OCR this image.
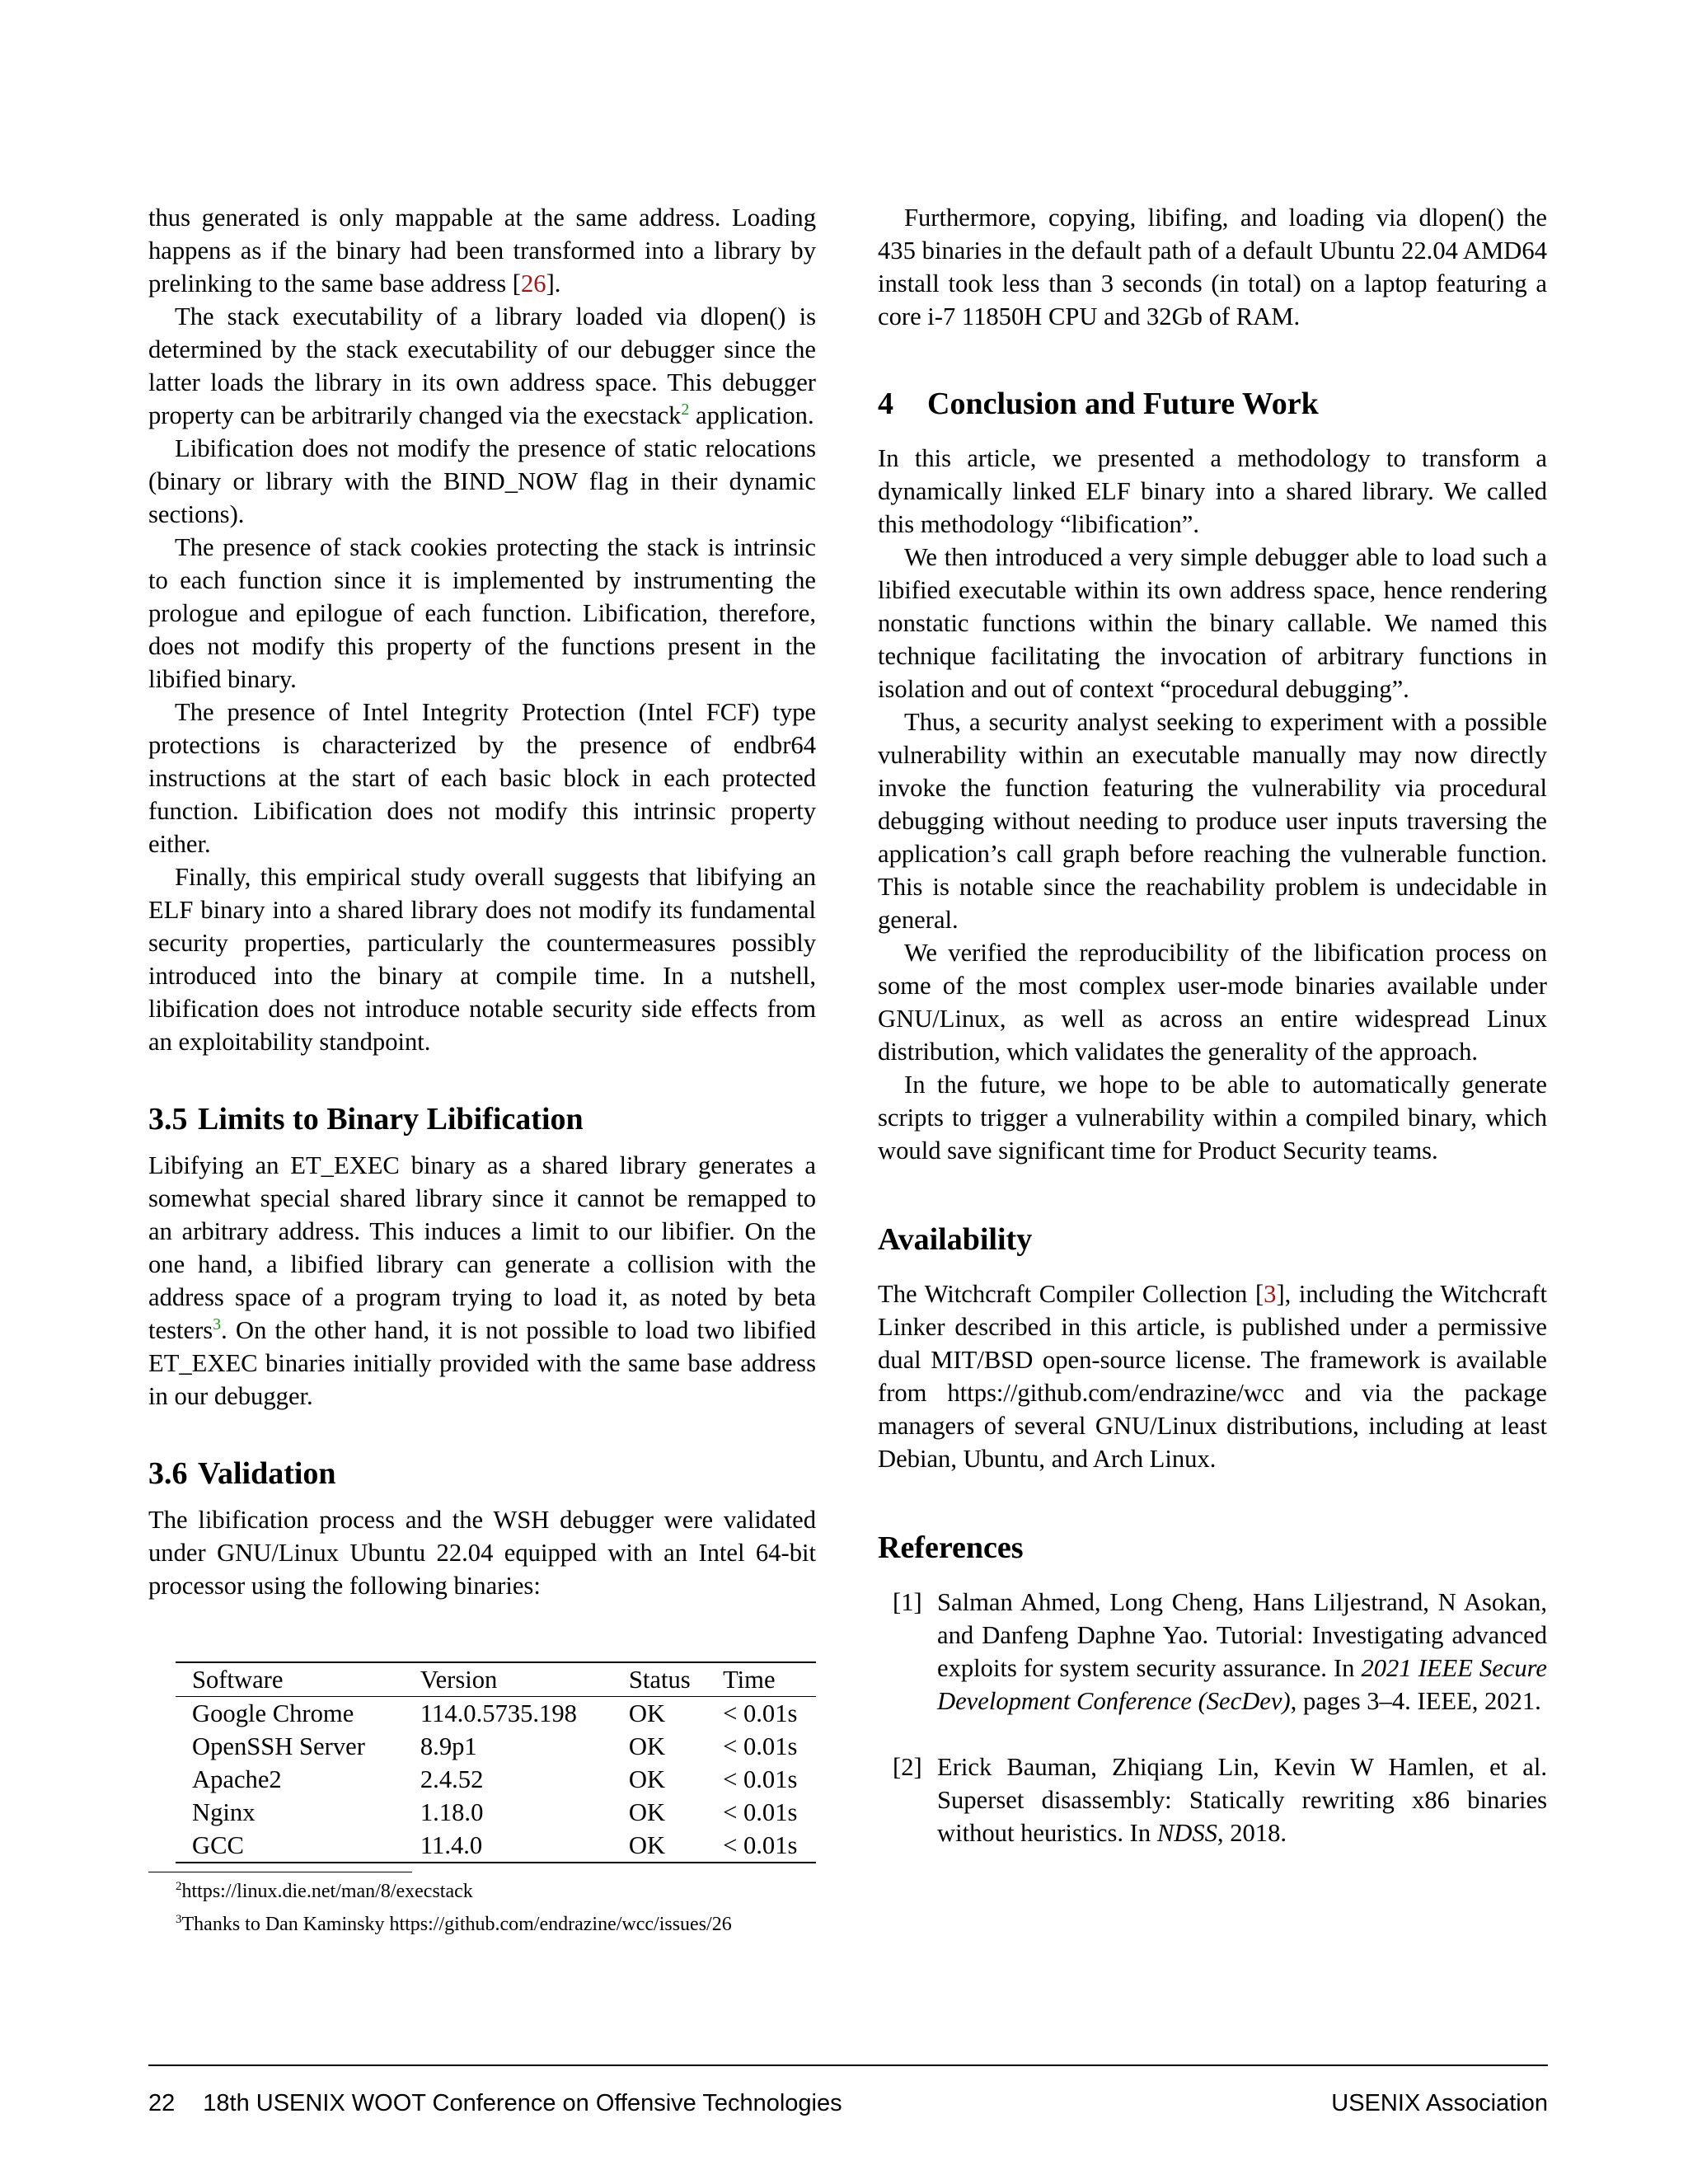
thus generated is only mappable at the same address. Loading happens as if the binary had been transformed into a library by prelinking to the same base address [26].

The stack executability of a library loaded via dlopen() is determined by the stack executability of our debugger since the latter loads the library in its own address space. This debugger property can be arbitrarily changed via the execstack$^2$ application.

Libification does not modify the presence of static relocations (binary or library with the BIND_NOW flag in their dynamic sections).

The presence of stack cookies protecting the stack is intrinsic to each function since it is implemented by instrumenting the prologue and epilogue of each function. Libification, therefore, does not modify this property of the functions present in the libified binary.

The presence of Intel Integrity Protection (Intel FCF) type protections is characterized by the presence of endbr64 instructions at the start of each basic block in each protected function. Libification does not modify this intrinsic property either.

Finally, this empirical study overall suggests that libifying an ELF binary into a shared library does not modify its fundamental security properties, particularly the countermeasures possibly introduced into the binary at compile time. In a nutshell, libification does not introduce notable security side effects from an exploitability standpoint.

3.5 Limits to Binary Libification

Libifying an ET_EXEC binary as a shared library generates a somewhat special shared library since it cannot be remapped to an arbitrary address. This induces a limit to our libifier. On the one hand, a libified library can generate a collision with the address space of a program trying to load it, as noted by beta testers$^3$. On the other hand, it is not possible to load two libified ET_EXEC binaries initially provided with the same base address in our debugger.

3.6 Validation

The libification process and the WSH debugger were validated under GNU/Linux Ubuntu 22.04 equipped with an Intel 64-bit processor using the following binaries:

Software	Version	Status	Time
Google Chrome	114.0.5735.198	OK	< 0.01s
OpenSSH Server	8.9p1	OK	< 0.01s
Apache2	2.4.52	OK	< 0.01s
Nginx	1.18.0	OK	< 0.01s
GCC	11.4.0	OK	< 0.01s
$^2$https://linux.die.net/man/8/execstack
$^3$Thanks to Dan Kaminsky https://github.com/endrazine/wcc/issues/26

Furthermore, copying, libifing, and loading via dlopen() the 435 binaries in the default path of a default Ubuntu 22.04 AMD64 install took less than 3 seconds (in total) on a laptop featuring a core i-7 11850H CPU and 32Gb of RAM.

4 Conclusion and Future Work

In this article, we presented a methodology to transform a dynamically linked ELF binary into a shared library. We called this methodology “libification”.

We then introduced a very simple debugger able to load such a libified executable within its own address space, hence rendering nonstatic functions within the binary callable. We named this technique facilitating the invocation of arbitrary functions in isolation and out of context “procedural debugging”.

Thus, a security analyst seeking to experiment with a possible vulnerability within an executable manually may now directly invoke the function featuring the vulnerability via procedural debugging without needing to produce user inputs traversing the application’s call graph before reaching the vulnerable function. This is notable since the reachability problem is undecidable in general.

We verified the reproducibility of the libification process on some of the most complex user-mode binaries available under GNU/Linux, as well as across an entire widespread Linux distribution, which validates the generality of the approach.

In the future, we hope to be able to automatically generate scripts to trigger a vulnerability within a compiled binary, which would save significant time for Product Security teams.

Availability

The Witchcraft Compiler Collection [3], including the Witchcraft Linker described in this article, is published under a permissive dual MIT/BSD open-source license. The framework is available from https://github.com/endrazine/wcc and via the package managers of several GNU/Linux distributions, including at least Debian, Ubuntu, and Arch Linux.

References
[1] Salman Ahmed, Long Cheng, Hans Liljestrand, N Asokan, and Danfeng Daphne Yao. Tutorial: Investigating advanced exploits for system security assurance. In 2021 IEEE Secure Development Conference (SecDev), pages 3–4. IEEE, 2021.
[2] Erick Bauman, Zhiqiang Lin, Kevin W Hamlen, et al. Superset disassembly: Statically rewriting x86 binaries without heuristics. In NDSS, 2018.
22 18th USENIX WOOT Conference on Offensive Technologies	USENIX Association
